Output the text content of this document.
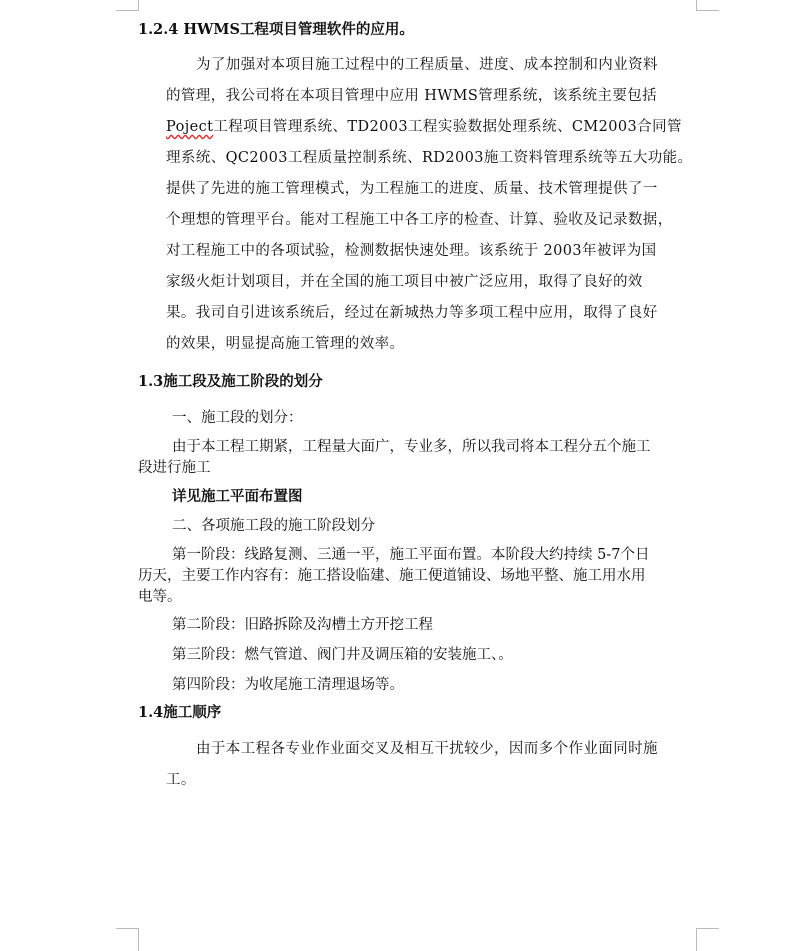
1.2.4 HWMS工程项目管理软件的应用。
为了加强对本项目施工过程中的工程质量、进度、成本控制和内业资料
的管理，我公司将在本项目管理中应用 HWMS管理系统，该系统主要包括
Poject工程项目管理系统、TD2003工程实验数据处理系统、CM2003合同管
理系统、QC2003工程质量控制系统、RD2003施工资料管理系统等五大功能。
提供了先进的施工管理模式，为工程施工的进度、质量、技术管理提供了一
个理想的管理平台。能对工程施工中各工序的检查、计算、验收及记录数据，
对工程施工中的各项试验，检测数据快速处理。该系统于 2003年被评为国
家级火炬计划项目，并在全国的施工项目中被广泛应用，取得了良好的效
果。我司自引进该系统后，经过在新城热力等多项工程中应用，取得了良好
的效果，明显提高施工管理的效率。
1.3施工段及施工阶段的划分
一、施工段的划分：
由于本工程工期紧，工程量大面广，专业多，所以我司将本工程分五个施工
段进行施工
详见施工平面布置图
二、各项施工段的施工阶段划分
第一阶段：线路复测、三通一平，施工平面布置。本阶段大约持续 5-7个日
历天，主要工作内容有：施工搭设临建、施工便道铺设、场地平整、施工用水用
电等。
第二阶段：旧路拆除及沟槽土方开挖工程
第三阶段：燃气管道、阀门井及调压箱的安装施工、。
第四阶段：为收尾施工清理退场等。
1.4施工顺序
由于本工程各专业作业面交叉及相互干扰较少，因而多个作业面同时施
工。
